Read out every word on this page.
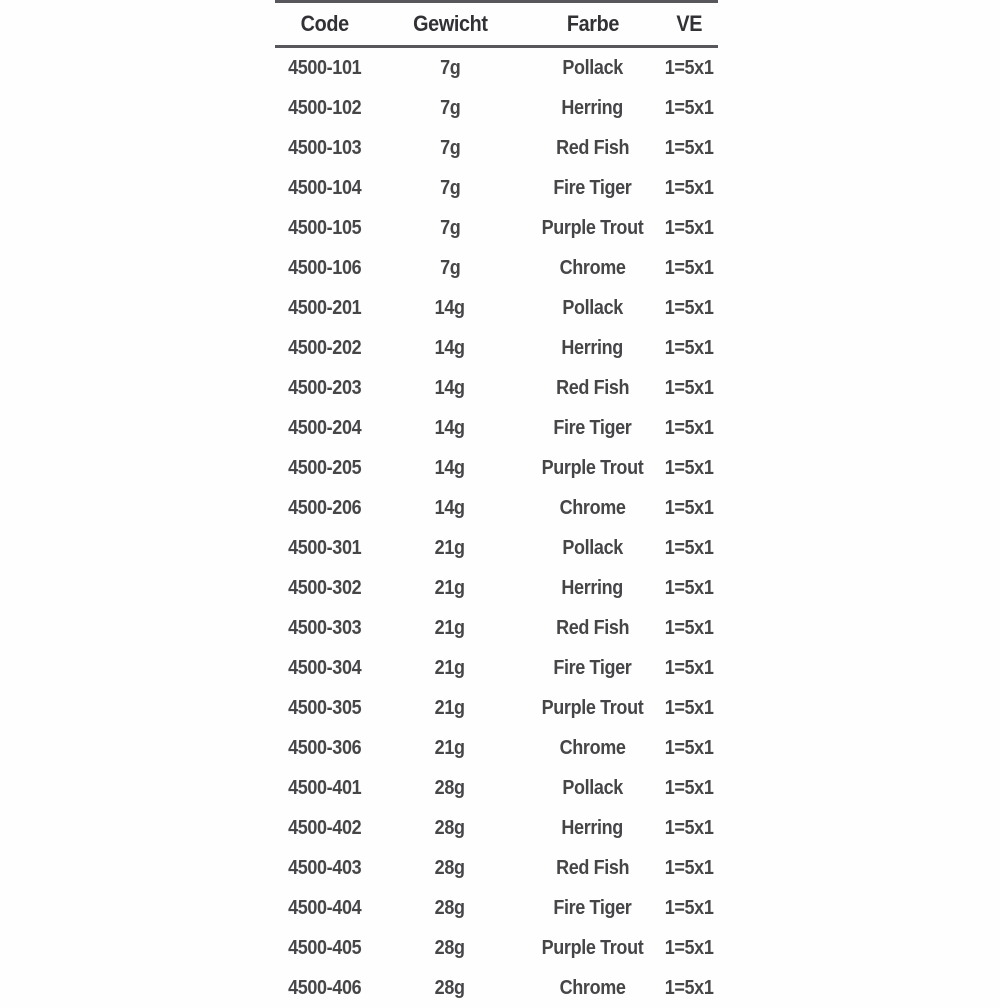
Code	Gewicht	Farbe	VE
4500-101	7g	Pollack 1=5x1
4500-102	7g	Herring 1=5x1
4500-103	7g	Red Fish 1=5x1
4500-104	7g	Fire Tiger 1=5x1
4500-105	7g	Purple Trout 1=5x1
4500-106	7g	Chrome 1=5x1
4500-201	14g	Pollack 1=5x1
4500-202	14g	Herring 1=5x1
4500-203	14g	Red Fish 1=5x1
4500-204	14g	Fire Tiger 1=5x1
4500-205	14g	Purple Trout 1=5x1
4500-206	14g	Chrome 1=5x1
4500-301	21g	Pollack 1=5x1
4500-302	21g	Herring 1=5x1
4500-303	21g	Red Fish 1=5x1
4500-304	21g	Fire Tiger 1=5x1
4500-305	21g	Purple Trout 1=5x1
4500-306	21g	Chrome 1=5x1
4500-401	28g	Pollack 1=5x1
4500-402	28g	Herring 1=5x1
4500-403	28g	Red Fish 1=5x1
4500-404	28g	Fire Tiger 1=5x1
4500-405	28g	Purple Trout 1=5x1
4500-406	28g	Chrome 1=5x1
